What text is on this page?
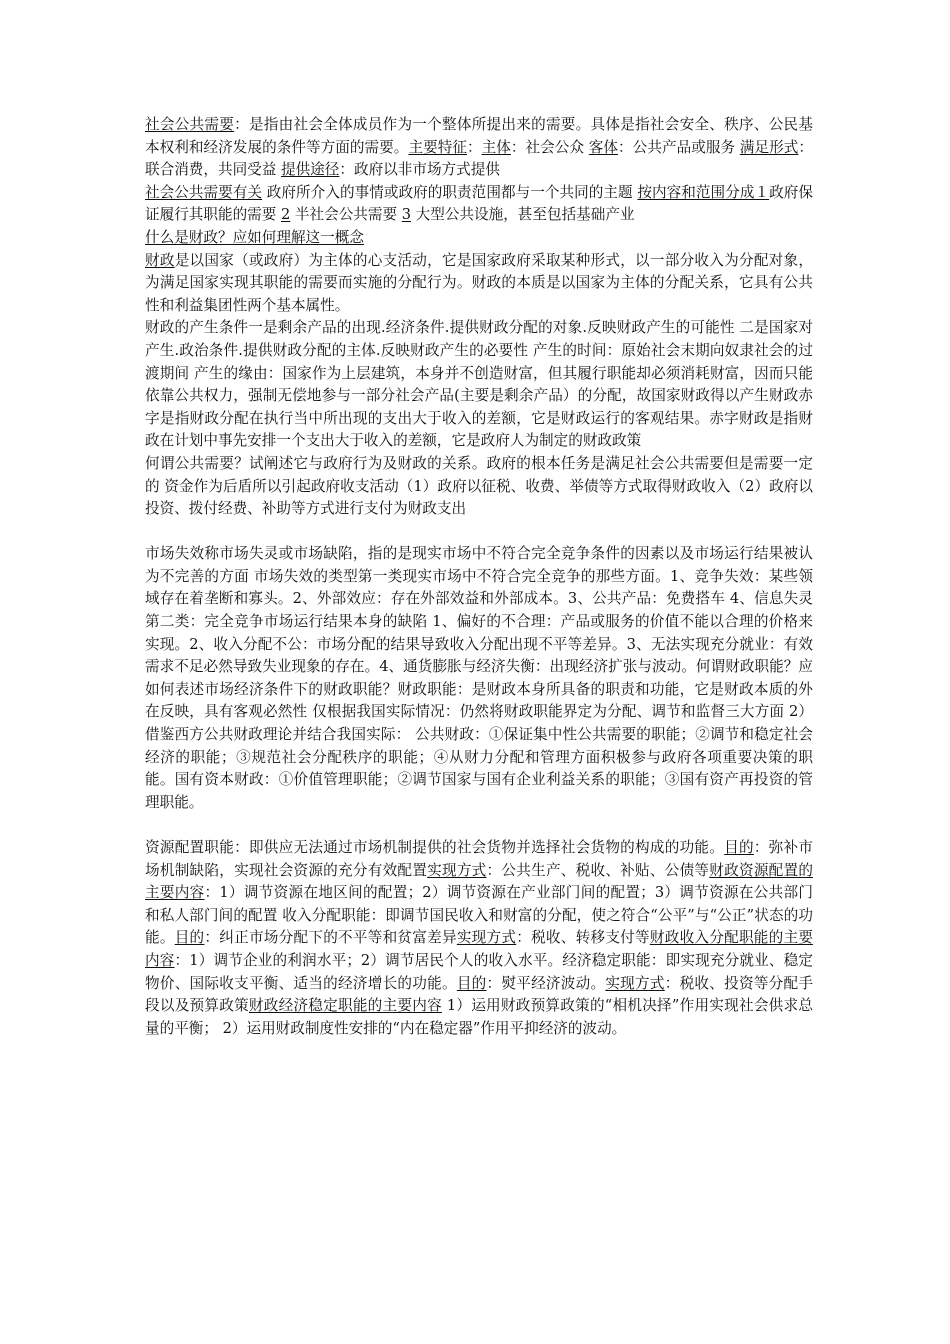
社会公共需要：是指由社会全体成员作为一个整体所提出来的需要。具体是指社会安全、秩序、公民基本权利和经济发展的条件等方面的需要。主要特征：主体：社会公众 客体：公共产品或服务 满足形式：联合消费，共同受益 提供途径：政府以非市场方式提供

社会公共需要有关 政府所介入的事情或政府的职责范围都与一个共同的主题 按内容和范围分成１政府保证履行其职能的需要 2 半社会公共需要 3 大型公共设施，甚至包括基础产业

什么是财政？应如何理解这一概念

财政是以国家（或政府）为主体的心支活动，它是国家政府采取某种形式，以一部分收入为分配对象，为满足国家实现其职能的需要而实施的分配行为。财政的本质是以国家为主体的分配关系，它具有公共性和利益集团性两个基本属性。

财政的产生条件一是剩余产品的出现.经济条件.提供财政分配的对象.反映财政产生的可能性 二是国家对产生.政治条件.提供财政分配的主体.反映财政产生的必要性 产生的时间：原始社会末期向奴隶社会的过渡期间 产生的缘由：国家作为上层建筑，本身并不创造财富，但其履行职能却必须消耗财富，因而只能依靠公共权力，强制无偿地参与一部分社会产品(主要是剩余产品）的分配，故国家财政得以产生财政赤字是指财政分配在执行当中所出现的支出大于收入的差额，它是财政运行的客观结果。赤字财政是指财政在计划中事先安排一个支出大于收入的差额，它是政府人为制定的财政政策

何谓公共需要？试阐述它与政府行为及财政的关系。政府的根本任务是满足社会公共需要但是需要一定的 资金作为后盾所以引起政府收支活动（1）政府以征税、收费、举债等方式取得财政收入（2）政府以投资、拨付经费、补助等方式进行支付为财政支出

市场失效称市场失灵或市场缺陷，指的是现实市场中不符合完全竞争条件的因素以及市场运行结果被认为不完善的方面 市场失效的类型第一类现实市场中不符合完全竞争的那些方面。1、竞争失效：某些领域存在着垄断和寡头。2、外部效应：存在外部效益和外部成本。3、公共产品：免费搭车 4、信息失灵 第二类：完全竞争市场运行结果本身的缺陷 1、偏好的不合理：产品或服务的价值不能以合理的价格来实现。2、收入分配不公：市场分配的结果导致收入分配出现不平等差异。3、无法实现充分就业：有效需求不足必然导致失业现象的存在。4、通货膨胀与经济失衡：出现经济扩张与波动。何谓财政职能？应如何表述市场经济条件下的财政职能？财政职能：是财政本身所具备的职责和功能，它是财政本质的外在反映，具有客观必然性 仅根据我国实际情况：仍然将财政职能界定为分配、调节和监督三大方面 2）借鉴西方公共财政理论并结合我国实际： 公共财政：①保证集中性公共需要的职能；②调节和稳定社会经济的职能；③规范社会分配秩序的职能；④从财力分配和管理方面积极参与政府各项重要决策的职能。国有资本财政：①价值管理职能；②调节国家与国有企业利益关系的职能；③国有资产再投资的管理职能。

资源配置职能：即供应无法通过市场机制提供的社会货物并选择社会货物的构成的功能。目的：弥补市场机制缺陷，实现社会资源的充分有效配置实现方式：公共生产、税收、补贴、公债等财政资源配置的主要内容：1）调节资源在地区间的配置；2）调节资源在产业部门间的配置；3）调节资源在公共部门和私人部门间的配置 收入分配职能：即调节国民收入和财富的分配，使之符合“公平”与“公正”状态的功能。目的：纠正市场分配下的不平等和贫富差异实现方式：税收、转移支付等财政收入分配职能的主要内容：1）调节企业的利润水平；2）调节居民个人的收入水平。经济稳定职能：即实现充分就业、稳定物价、国际收支平衡、适当的经济增长的功能。目的：熨平经济波动。实现方式：税收、投资等分配手段以及预算政策财政经济稳定职能的主要内容 1）运用财政预算政策的“相机决择”作用实现社会供求总量的平衡； 2）运用财政制度性安排的“内在稳定器”作用平抑经济的波动。
